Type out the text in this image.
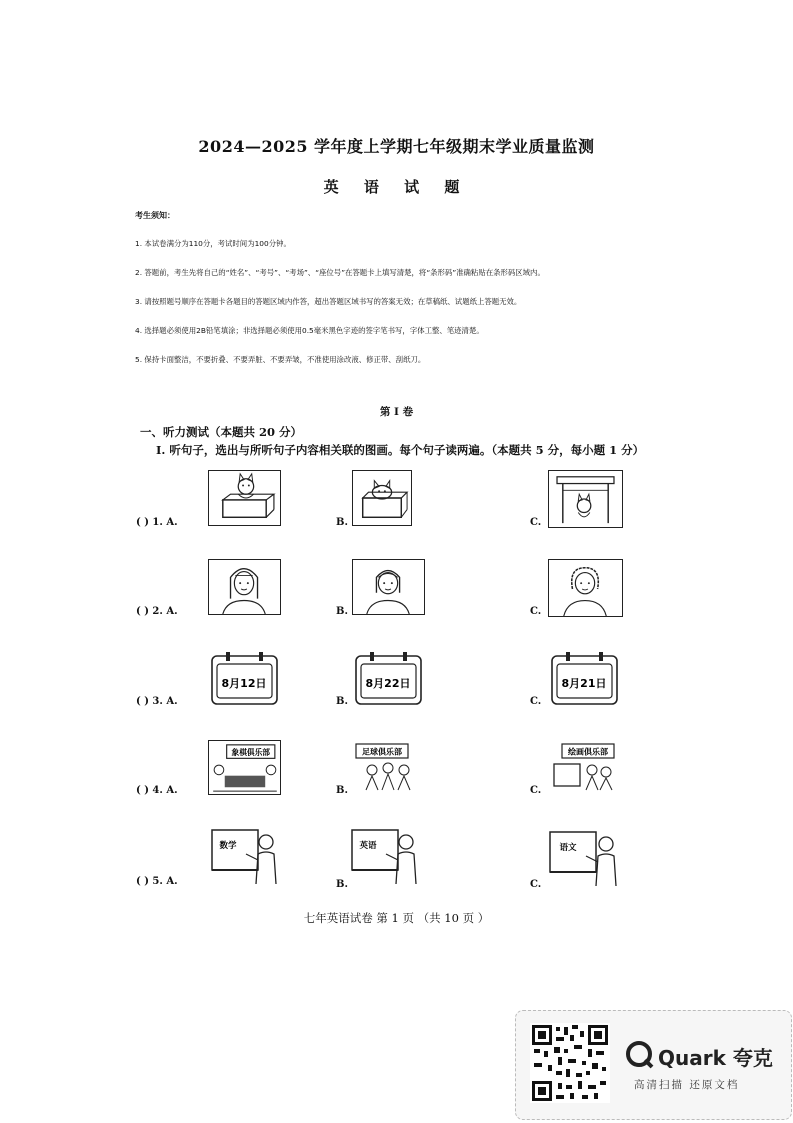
2024—2025 学年度上学期七年级期末学业质量监测
英 语 试 题
考生须知：
1. 本试卷满分为110分，考试时间为100分钟。
2. 答题前，考生先将自己的“姓名”、“考号”、“考场”、“座位号”在答题卡上填写清楚，将“条形码”准确粘贴在条形码区域内。
3. 请按照题号顺序在答题卡各题目的答题区域内作答，超出答题区域书写的答案无效；在草稿纸、试题纸上答题无效。
4. 选择题必须使用2B铅笔填涂；非选择题必须使用0.5毫米黑色字迹的签字笔书写，字体工整、笔迹清楚。
5. 保持卡面整洁，不要折叠、不要弄脏、不要弄皱，不准使用涂改液、修正带、刮纸刀。
第 I 卷
一、听力测试（本题共 20 分）
I. 听句子，选出与所听句子内容相关联的图画。每个句子读两遍。（本题共 5 分，每小题 1 分）
( ) 1. A.	B.	C.
( ) 2. A.	B.	C.
( ) 3. A.
8月12日
B.
8月22日
C.
8月21日
( ) 4. A.
象棋俱乐部
B.
足球俱乐部
C.
绘画俱乐部
( ) 5. A.
数学
B.
英语
C.
语文
七年英语试卷 第 1 页 （共 10 页 ）
Quark 夸克
高清扫描 还原文档
